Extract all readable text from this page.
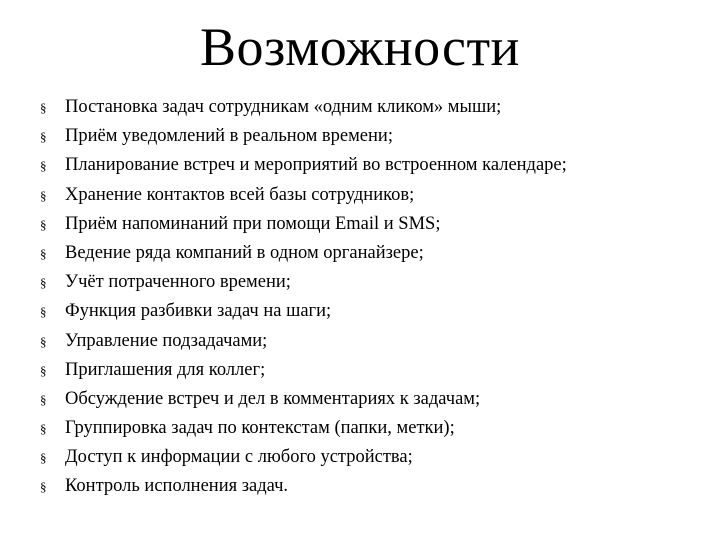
Возможности
§ Постановка задач сотрудникам «одним кликом» мыши;
§ Приём уведомлений в реальном времени;
§ Планирование встреч и мероприятий во встроенном календаре;
§ Хранение контактов всей базы сотрудников;
§ Приём напоминаний при помощи Email и SMS;
§ Ведение ряда компаний в одном органайзере;
§ Учёт потраченного времени;
§ Функция разбивки задач на шаги;
§ Управление подзадачами;
§ Приглашения для коллег;
§ Обсуждение встреч и дел в комментариях к задачам;
§ Группировка задач по контекстам (папки, метки);
§ Доступ к информации с любого устройства;
§ Контроль исполнения задач.
